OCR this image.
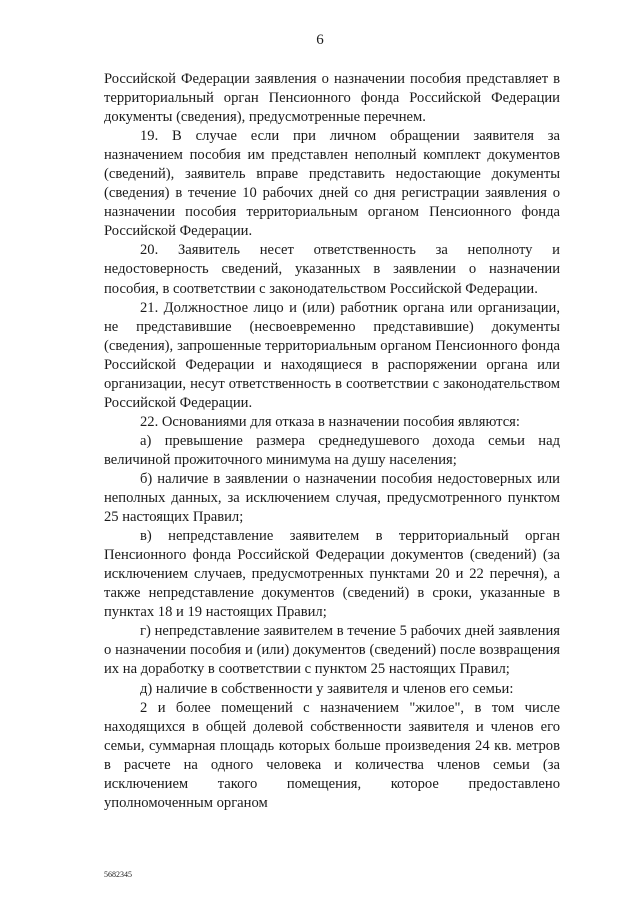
6

Российской Федерации заявления о назначении пособия представляет в территориальный орган Пенсионного фонда Российской Федерации документы (сведения), предусмотренные перечнем.

19. В случае если при личном обращении заявителя за назначением пособия им представлен неполный комплект документов (сведений), заявитель вправе представить недостающие документы (сведения) в течение 10 рабочих дней со дня регистрации заявления о назначении пособия территориальным органом Пенсионного фонда Российской Федерации.

20. Заявитель несет ответственность за неполноту и недостоверность сведений, указанных в заявлении о назначении пособия, в соответствии с законодательством Российской Федерации.

21. Должностное лицо и (или) работник органа или организации, не представившие (несвоевременно представившие) документы (сведения), запрошенные территориальным органом Пенсионного фонда Российской Федерации и находящиеся в распоряжении органа или организации, несут ответственность в соответствии с законодательством Российской Федерации.

22. Основаниями для отказа в назначении пособия являются:

а) превышение размера среднедушевого дохода семьи над величиной прожиточного минимума на душу населения;

б) наличие в заявлении о назначении пособия недостоверных или неполных данных, за исключением случая, предусмотренного пунктом 25 настоящих Правил;

в) непредставление заявителем в территориальный орган Пенсионного фонда Российской Федерации документов (сведений) (за исключением случаев, предусмотренных пунктами 20 и 22 перечня), а также непредставление документов (сведений) в сроки, указанные в пунктах 18 и 19 настоящих Правил;

г) непредставление заявителем в течение 5 рабочих дней заявления о назначении пособия и (или) документов (сведений) после возвращения их на доработку в соответствии с пунктом 25 настоящих Правил;

д) наличие в собственности у заявителя и членов его семьи:

2 и более помещений с назначением "жилое", в том числе находящихся в общей долевой собственности заявителя и членов его семьи, суммарная площадь которых больше произведения 24 кв. метров в расчете на одного человека и количества членов семьи (за исключением такого помещения, которое предоставлено уполномоченным органом

5682345
